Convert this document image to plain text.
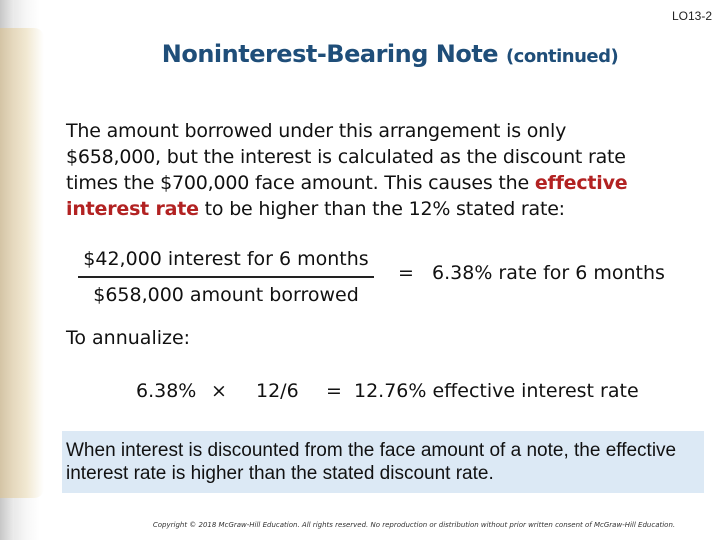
LO13-2
Noninterest-Bearing Note (continued)
The amount borrowed under this arrangement is only $658,000, but the interest is calculated as the discount rate times the $700,000 face amount. This causes the effective interest rate to be higher than the 12% stated rate:
$42,000 interest for 6 months
$658,000 amount borrowed
=   6.38% rate for 6 months
To annualize:
6.38% × 12/6 =  12.76% effective interest rate
When interest is discounted from the face amount of a note, the effective interest rate is higher than the stated discount rate.
Copyright © 2018 McGraw-Hill Education. All rights reserved. No reproduction or distribution without prior written consent of McGraw-Hill Education.
